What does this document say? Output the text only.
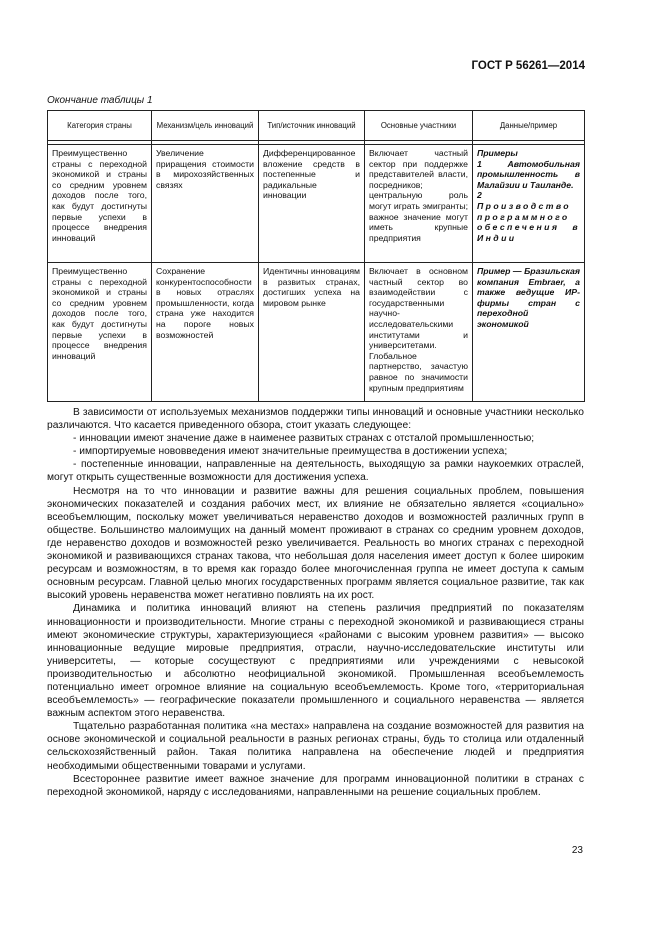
ГОСТ Р 56261—2014
Окончание таблицы 1
Категория страны	Механизм/цель инноваций	Тип/источник инноваций	Основные участники	Данные/пример

Преимущественно страны с переходной экономикой и страны со средним уровнем доходов после того, как будут достигнуты первые успехи в процессе внедрения инноваций	Увеличение приращения стоимости в мирохозяйственных связях	Дифференцированное вложение средств в постепенные и радикальные инновации	Включает частный сектор при поддержке представителей власти, посредников; центральную роль могут играть эмигранты; важное значение могут иметь крупные предприятия	Примеры
1 Автомобильная промышленность в Малайзии и Таиланде.
2 Производство программного обеспечения в Индии

Преимущественно страны с переходной экономикой и страны со средним уровнем доходов после того, как будут достигнуты первые успехи в процессе внедрения инноваций	Сохранение конкурентоспособности в новых отраслях промышленности, когда страна уже находится на пороге новых возможностей	Идентичны инновациям в развитых странах, достигших успеха на мировом рынке	Включает в основном частный сектор во взаимодействии с государственными научно-исследовательскими институтами и университетами. Глобальное партнерство, зачастую равное по значимости крупным предприятиям	Пример — Бразильская компания Embraer, а также ведущие ИР-фирмы стран с переходной экономикой

В зависимости от используемых механизмов поддержки типы инноваций и основные участники несколько различаются. Что касается приведенного обзора, стоит указать следующее:

- инновации имеют значение даже в наименее развитых странах с отсталой промышленностью;

- импортируемые нововведения имеют значительные преимущества в достижении успеха;

- постепенные инновации, направленные на деятельность, выходящую за рамки наукоемких отраслей, могут открыть существенные возможности для достижения успеха.

Несмотря на то что инновации и развитие важны для решения социальных проблем, повышения экономических показателей и создания рабочих мест, их влияние не обязательно является «социально» всеобъемлющим, поскольку может увеличиваться неравенство доходов и возможностей различных групп в обществе. Большинство малоимущих на данный момент проживают в странах со средним уровнем доходов, где неравенство доходов и возможностей резко увеличивается. Реальность во многих странах с переходной экономикой и развивающихся странах такова, что небольшая доля населения имеет доступ к более широким ресурсам и возможностям, в то время как гораздо более многочисленная группа не имеет доступа к самым основным ресурсам. Главной целью многих государственных программ является социальное развитие, так как высокий уровень неравенства может негативно повлиять на их рост.

Динамика и политика инноваций влияют на степень различия предприятий по показателям инновационности и производительности. Многие страны с переходной экономикой и развивающиеся страны имеют экономические структуры, характеризующиеся «районами с высоким уровнем развития» — высоко инновационные ведущие мировые предприятия, отрасли, научно-исследовательские институты или университеты, — которые сосуществуют с предприятиями или учреждениями с невысокой производительностью и абсолютно неофициальной экономикой. Промышленная всеобъемлемость потенциально имеет огромное влияние на социальную всеобъемлемость. Кроме того, «территориальная всеобъемлемость» — географические показатели промышленного и социального неравенства — является важным аспектом этого неравенства.

Тщательно разработанная политика «на местах» направлена на создание возможностей для развития на основе экономической и социальной реальности в разных регионах страны, будь то столица или отдаленный сельскохозяйственный район. Такая политика направлена на обеспечение людей и предприятия необходимыми общественными товарами и услугами.

Всестороннее развитие имеет важное значение для программ инновационной политики в странах с переходной экономикой, наряду с исследованиями, направленными на решение социальных проблем.

23
